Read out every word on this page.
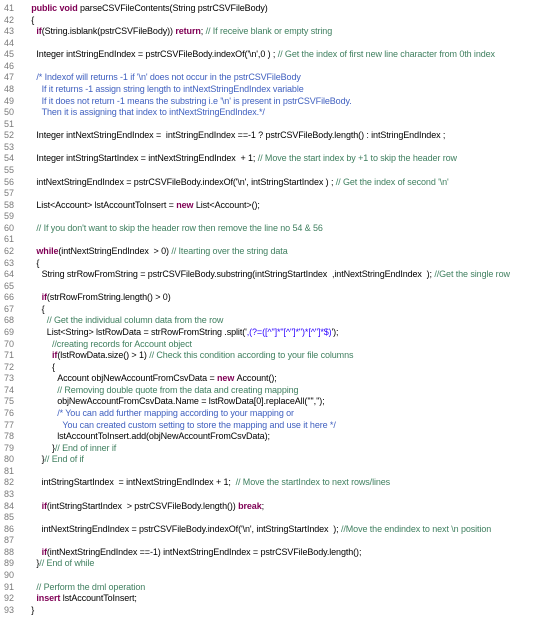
41	public void parseCSVFileContents(String pstrCSVFileBody)
42	{
43	if(String.isblank(pstrCSVFileBody)) return; // If receive blank or empty string
44
45	Integer intStringEndIndex = pstrCSVFileBody.indexOf('\n',0 ) ; // Get the index of first new line character from 0th index
46
47	/* Indexof will returns -1 if '\n' does not occur in the pstrCSVFileBody
48	If it returns -1 assign string length to intNextStringEndIndex variable
49	If it does not return -1 means the substring i.e '\n' is present in pstrCSVFileBody.
50	Then it is assigning that index to intNextStringEndIndex.*/
51
52	Integer intNextStringEndIndex =  intStringEndIndex ==-1 ? pstrCSVFileBody.length() : intStringEndIndex ;
53
54	Integer intStringStartIndex = intNextStringEndIndex  + 1; // Move the start index by +1 to skip the header row
55
56	intNextStringEndIndex = pstrCSVFileBody.indexOf('\n', intStringStartIndex ) ; // Get the index of second '\n'
57
58	List<Account> lstAccountToInsert = new List<Account>();
59
60	// If you don't want to skip the header row then remove the line no 54 & 56
61
62	while(intNextStringEndIndex  > 0) // Itearting over the string data
63	{
64	String strRowFromString = pstrCSVFileBody.substring(intStringStartIndex  ,intNextStringEndIndex  ); //Get the single row
65
66	if(strRowFromString.length() > 0)
67	{
68	// Get the individual column data from the row
69	List<String> lstRowData = strRowFromString .split(',(?=([^"]*"[^"]*")*[^"]*$)');
70	//creating records for Account object
71	if(lstRowData.size() > 1) // Check this condition according to your file columns
72	{
73	Account objNewAccountFromCsvData = new Account();
74	// Removing double quote from the data and creating mapping
75	objNewAccountFromCsvData.Name = lstRowData[0].replaceAll('"','');
76	/* You can add further mapping according to your mapping or
77	You can created custom setting to store the mapping and use it here */
78	lstAccountToInsert.add(objNewAccountFromCsvData);
79	}// End of inner if
80	}// End of if
81
82	intStringStartIndex  = intNextStringEndIndex + 1;  // Move the startIndex to next rows/lines
83
84	if(intStringStartIndex  > pstrCSVFileBody.length()) break;
85
86	intNextStringEndIndex = pstrCSVFileBody.indexOf('\n', intStringStartIndex  ); //Move the endindex to next \n position
87
88	if(intNextStringEndIndex ==-1) intNextStringEndIndex = pstrCSVFileBody.length();
89	}// End of while
90
91	// Perform the dml operation
92	insert lstAccountToInsert;
93	}
